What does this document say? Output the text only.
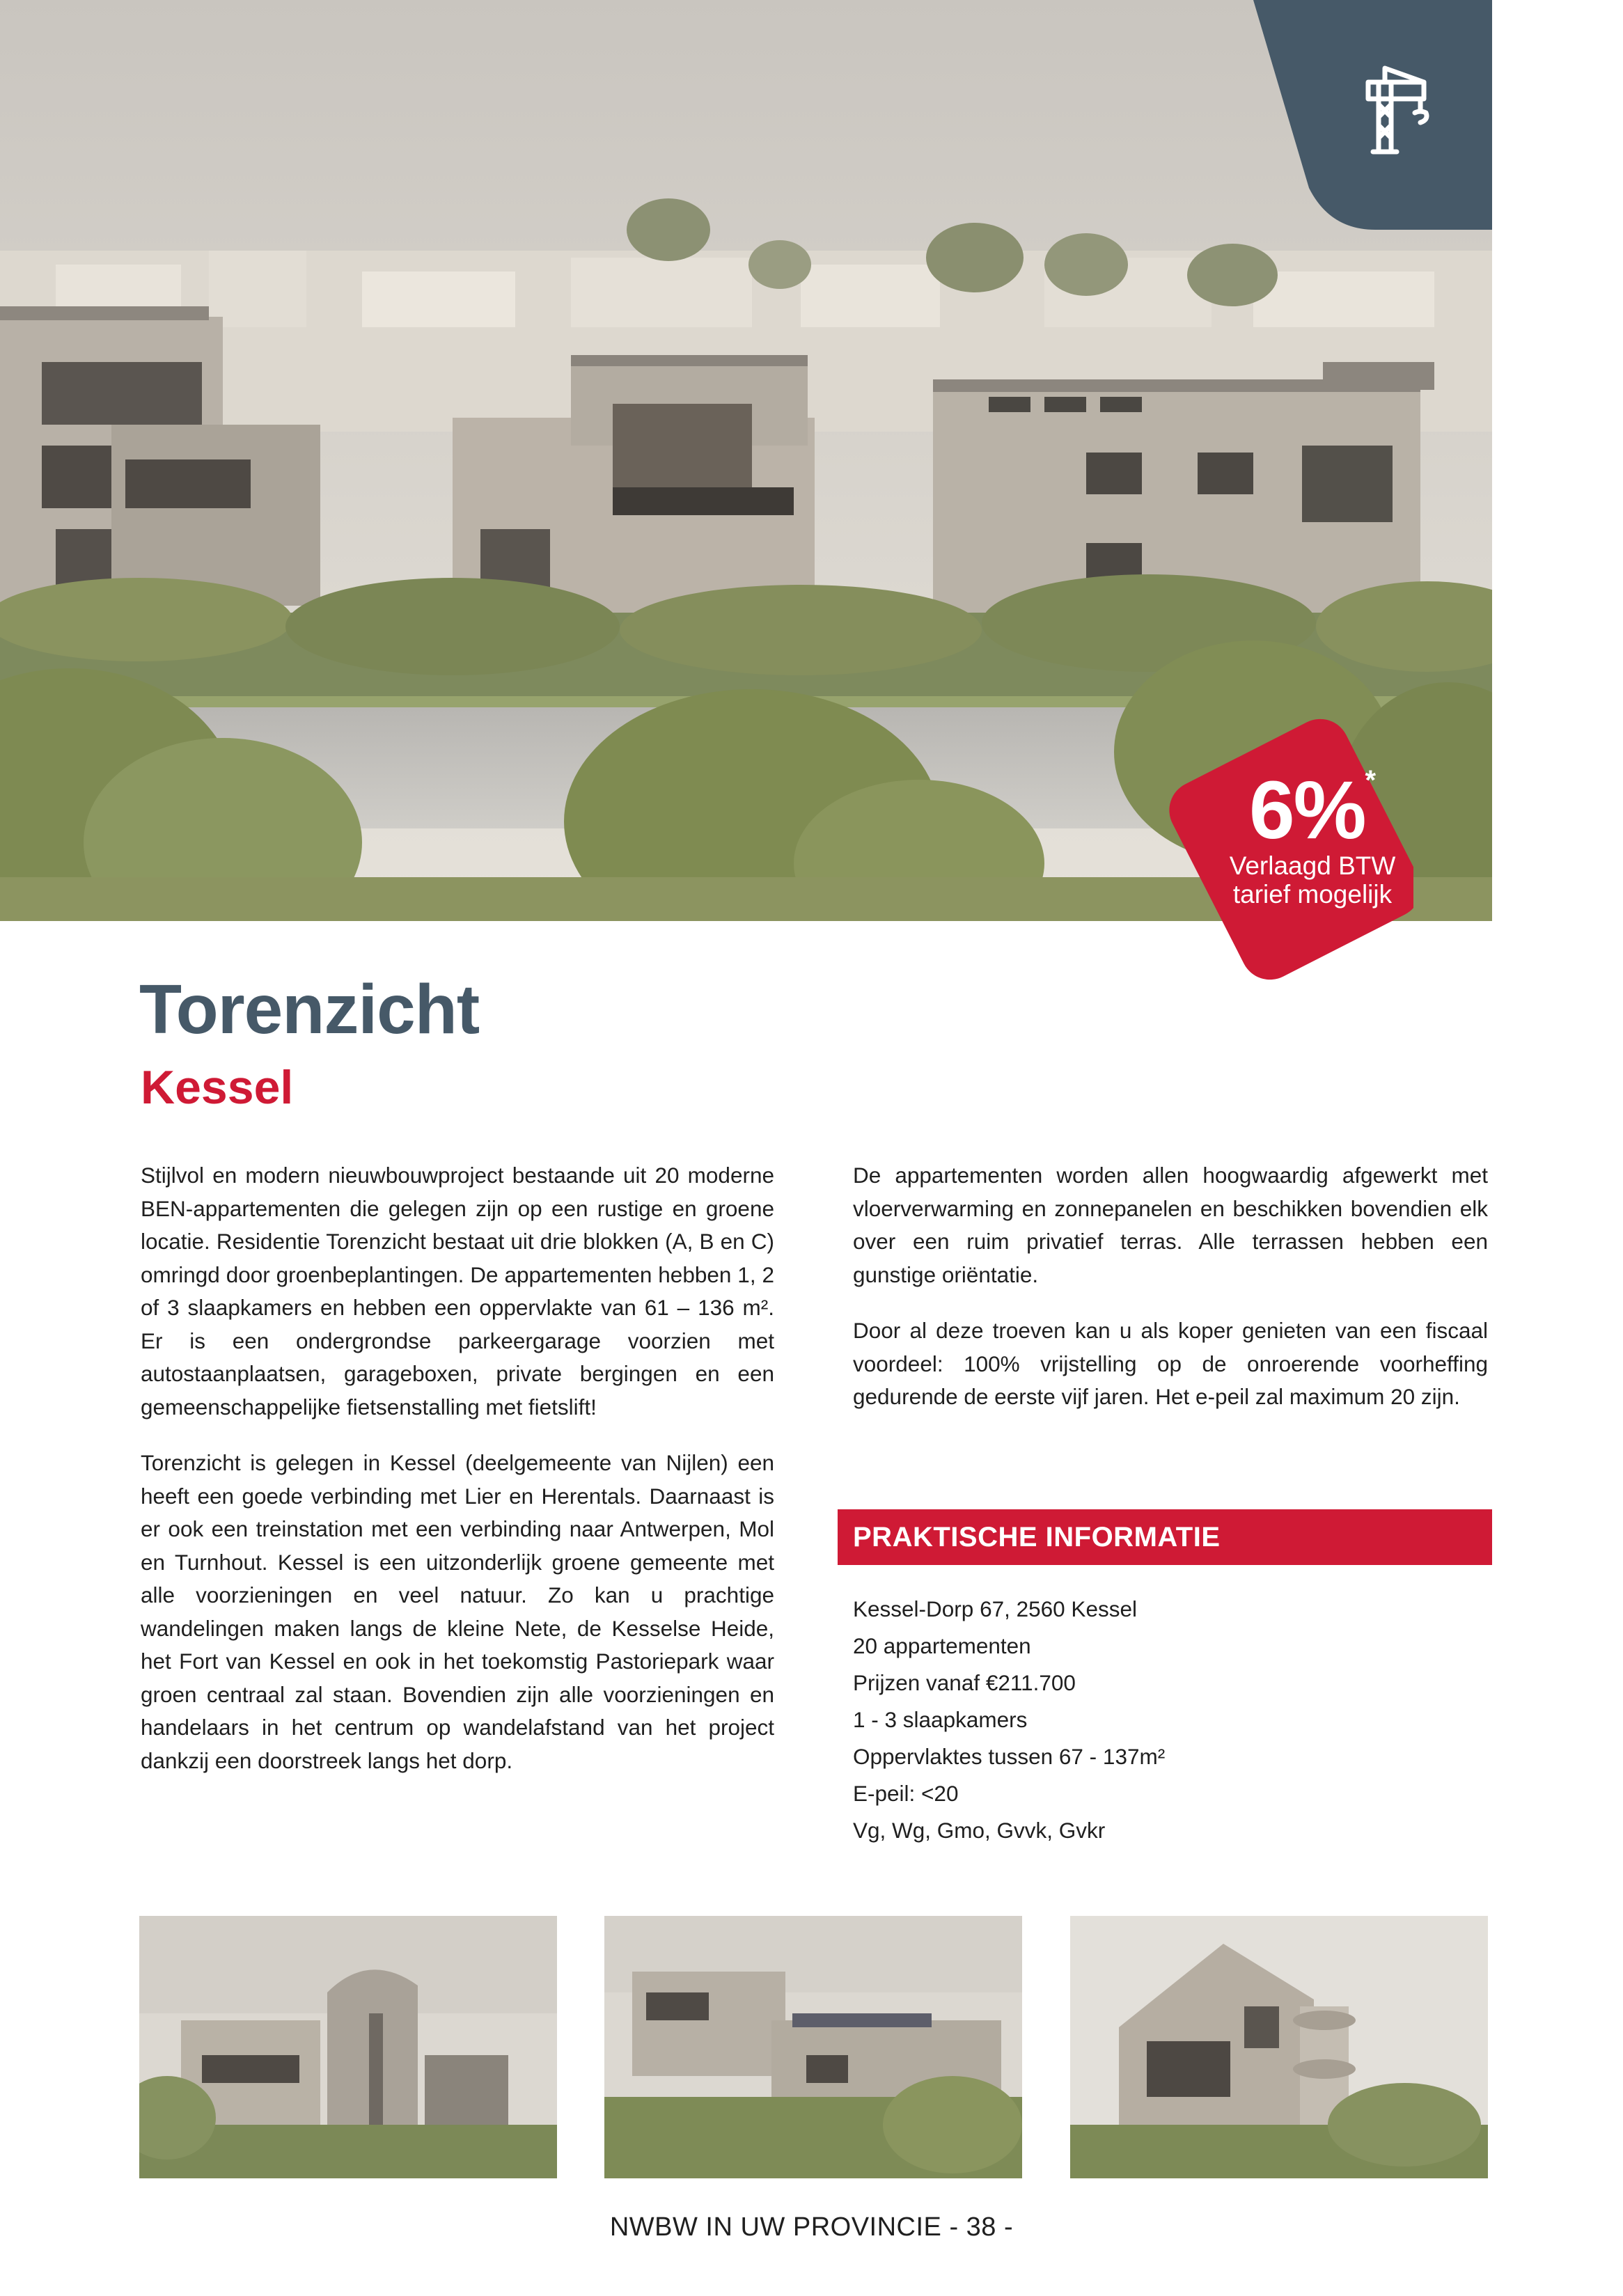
6%*
Verlaagd BTW
tarief mogelijk
Torenzicht
Kessel

Stijlvol en modern nieuwbouwproject bestaande uit 20 moderne BEN-appartementen die gelegen zijn op een rustige en groene locatie. Residentie Torenzicht bestaat uit drie blokken (A, B en C) omringd door groenbeplantingen. De appartementen hebben 1, 2 of 3 slaapkamers en hebben een oppervlakte van 61 – 136 m². Er is een ondergrondse parkeergarage voorzien met autostaanplaatsen, garageboxen, private bergingen en een gemeenschappelijke fietsenstalling met fietslift!

Torenzicht is gelegen in Kessel (deelgemeente van Nijlen) een heeft een goede verbinding met Lier en Herentals. Daarnaast is er ook een treinstation met een verbinding naar Antwerpen, Mol en Turnhout. Kessel is een uitzonderlijk groene gemeente met alle voorzieningen en veel natuur. Zo kan u prachtige wandelingen maken langs de kleine Nete, de Kesselse Heide, het Fort van Kessel en ook in het toekomstig Pastoriepark waar groen centraal zal staan. Bovendien zijn alle voorzieningen en handelaars in het centrum op wandelafstand van het project dankzij een doorstreek langs het dorp.

De appartementen worden allen hoogwaardig afgewerkt met vloerverwarming en zonnepanelen en beschikken bovendien elk over een ruim privatief terras. Alle terrassen hebben een gunstige oriëntatie.

Door al deze troeven kan u als koper genieten van een fiscaal voordeel: 100% vrijstelling op de onroerende voorheffing gedurende de eerste vijf jaren. Het e-peil zal maximum 20 zijn.

PRAKTISCHE INFORMATIE
Kessel-Dorp 67, 2560 Kessel
20 appartementen
Prijzen vanaf €211.700
1 - 3 slaapkamers
Oppervlaktes tussen 67 - 137m²
E-peil: <20
Vg, Wg, Gmo, Gvvk, Gvkr
NWBW IN UW PROVINCIE - 38 -
